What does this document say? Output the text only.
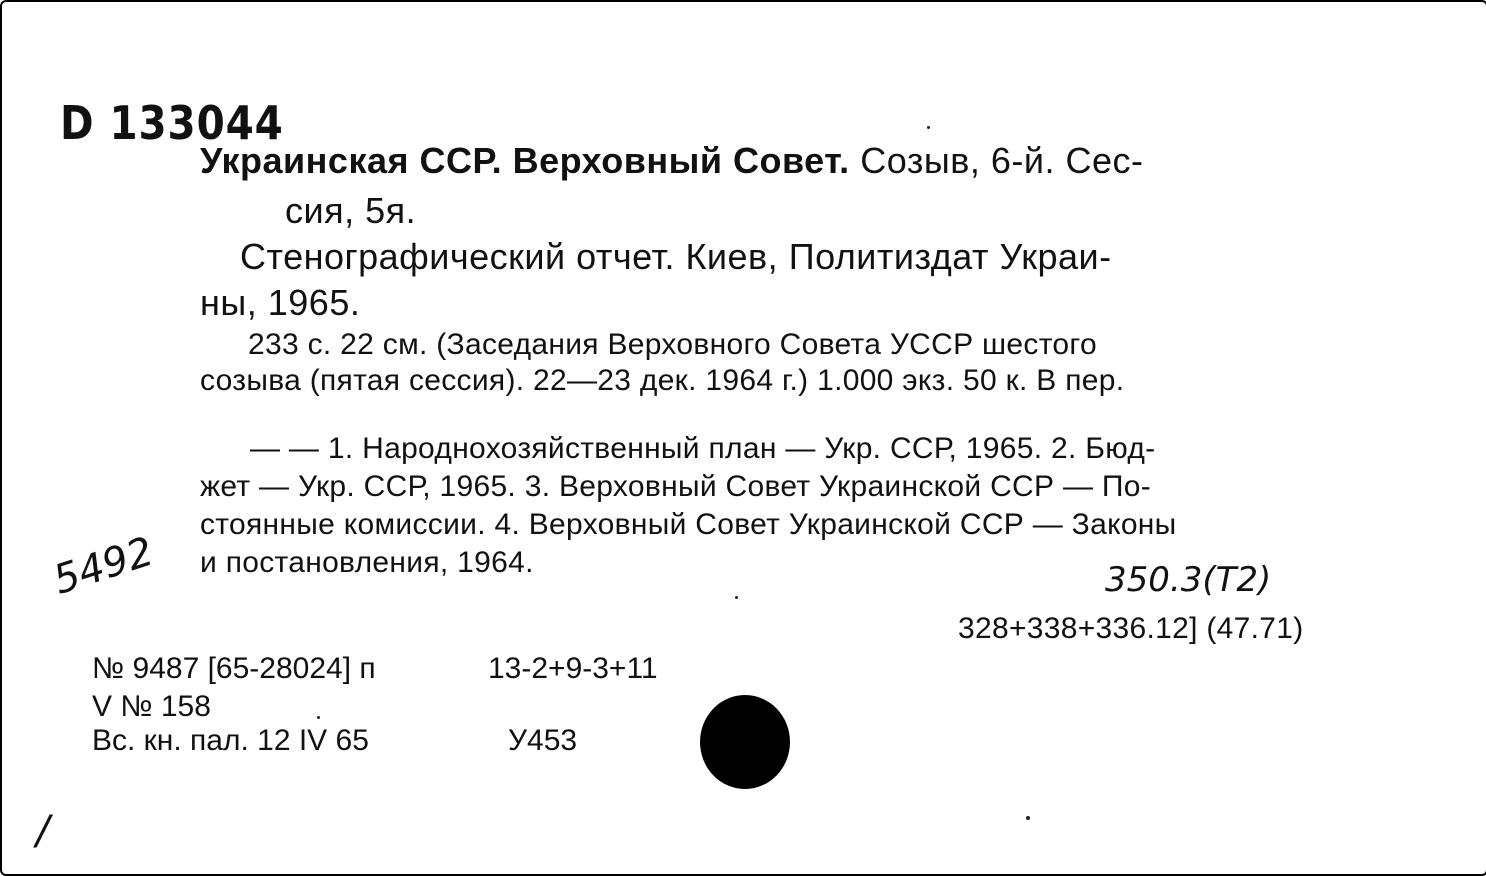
D 133044
Украинская ССР. Верховный Совет. Созыв, 6-й. Сес-
сия, 5я.
Стенографический отчет. Киев, Политиздат Украи-
ны, 1965.
233 с. 22 см. (Заседания Верховного Совета УССР шестого
созыва (пятая сессия). 22—23 дек. 1964 г.) 1.000 экз. 50 к. В пер.
— — 1. Народнохозяйственный план — Укр. ССР, 1965. 2. Бюд-
жет — Укр. ССР, 1965. 3. Верховный Совет Украинской ССР — По-
стоянные комиссии. 4. Верховный Совет Украинской ССР — Законы
и постановления, 1964.
5492	350.3(Т2)
328+338+336.12] (47.71)
№ 9487 [65-28024] п	13-2+9-3+11
V № 158
Вс. кн. пал. 12 IV 65	У453
/
